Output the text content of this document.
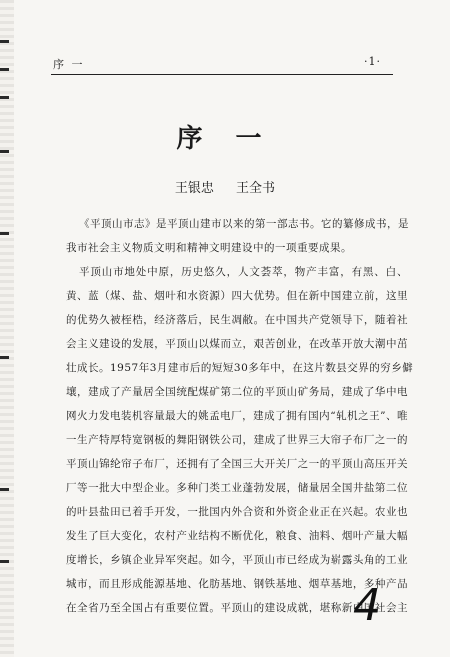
序 一	·1·
序 一
王银忠 王全书
《平顶山市志》是平顶山建市以来的第一部志书。它的纂修成书，是
我市社会主义物质文明和精神文明建设中的一项重要成果。
平顶山市地处中原，历史悠久，人文荟萃，物产丰富，有黑、白、
黄、蓝（煤、盐、烟叶和水资源）四大优势。但在新中国建立前，这里
的优势久被桎梏，经济落后，民生凋敝。在中国共产党领导下，随着社
会主义建设的发展，平顶山以煤而立，艰苦创业，在改革开放大潮中茁
壮成长。1957年3月建市后的短短30多年中，在这片数县交界的穷乡僻
壤，建成了产量居全国统配煤矿第二位的平顶山矿务局，建成了华中电
网火力发电装机容量最大的姚孟电厂，建成了拥有国内“轧机之王”、唯
一生产特厚特宽钢板的舞阳钢铁公司，建成了世界三大帘子布厂之一的
平顶山锦纶帘子布厂，还拥有了全国三大开关厂之一的平顶山高压开关
厂等一批大中型企业。多种门类工业蓬勃发展，储量居全国井盐第二位
的叶县盐田已着手开发，一批国内外合资和外资企业正在兴起。农业也
发生了巨大变化，农村产业结构不断优化，粮食、油料、烟叶产量大幅
度增长，乡镇企业异军突起。如今，平顶山市已经成为崭露头角的工业
城市，而且形成能源基地、化肪基地、钢铁基地、烟草基地，多种产品
在全省乃至全国占有重要位置。平顶山的建设成就，堪称新中国社会主
4
